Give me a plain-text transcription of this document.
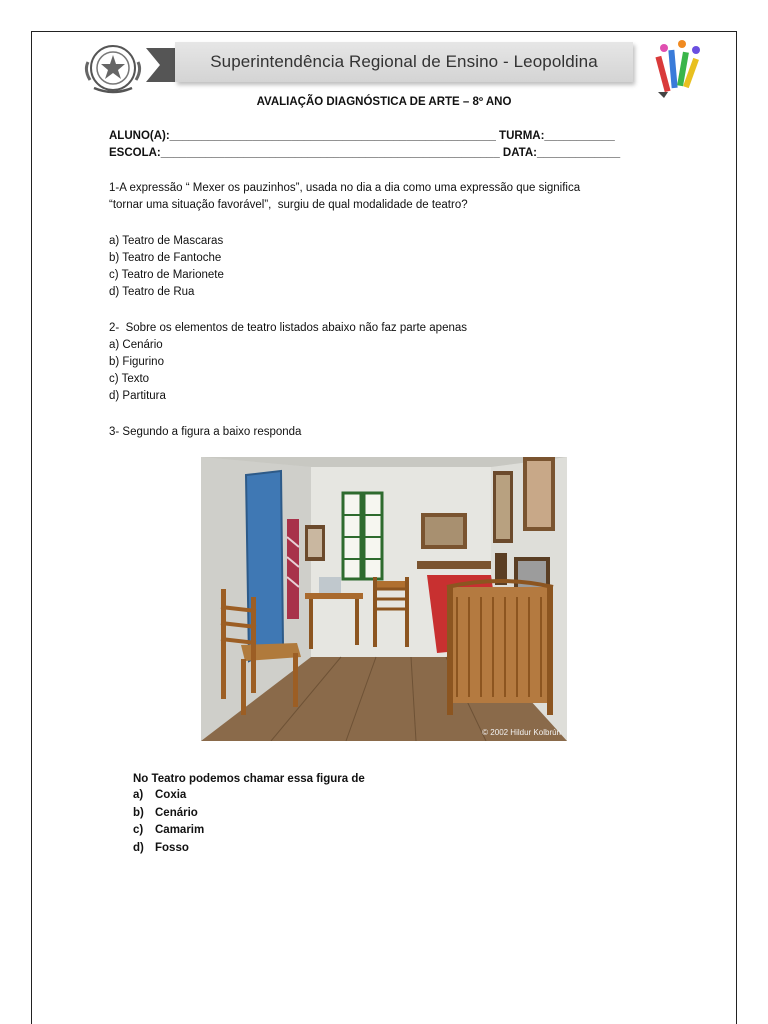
Superintendência Regional de Ensino - Leopoldina
AVALIAÇÃO DIAGNÓSTICA DE ARTE – 8º ANO
ALUNO(A):___________________________________________________ TURMA:___________
ESCOLA:_____________________________________________________ DATA:_____________
1-A expressão “ Mexer os pauzinhos”, usada no dia a dia como uma expressão que significa
“tornar uma situação favorável”,  surgiu de qual modalidade de teatro?
a) Teatro de Mascaras
b) Teatro de Fantoche
c) Teatro de Marionete
d) Teatro de Rua
2-  Sobre os elementos de teatro listados abaixo não faz parte apenas
a) Cenário
b) Figurino
c) Texto
d) Partitura
3- Segundo a figura a baixo responda
© 2002 Hildur Kolbrún
No Teatro podemos chamar essa figura de
a)	Coxia
b) Cenário
c)	Camarim
d) Fosso
